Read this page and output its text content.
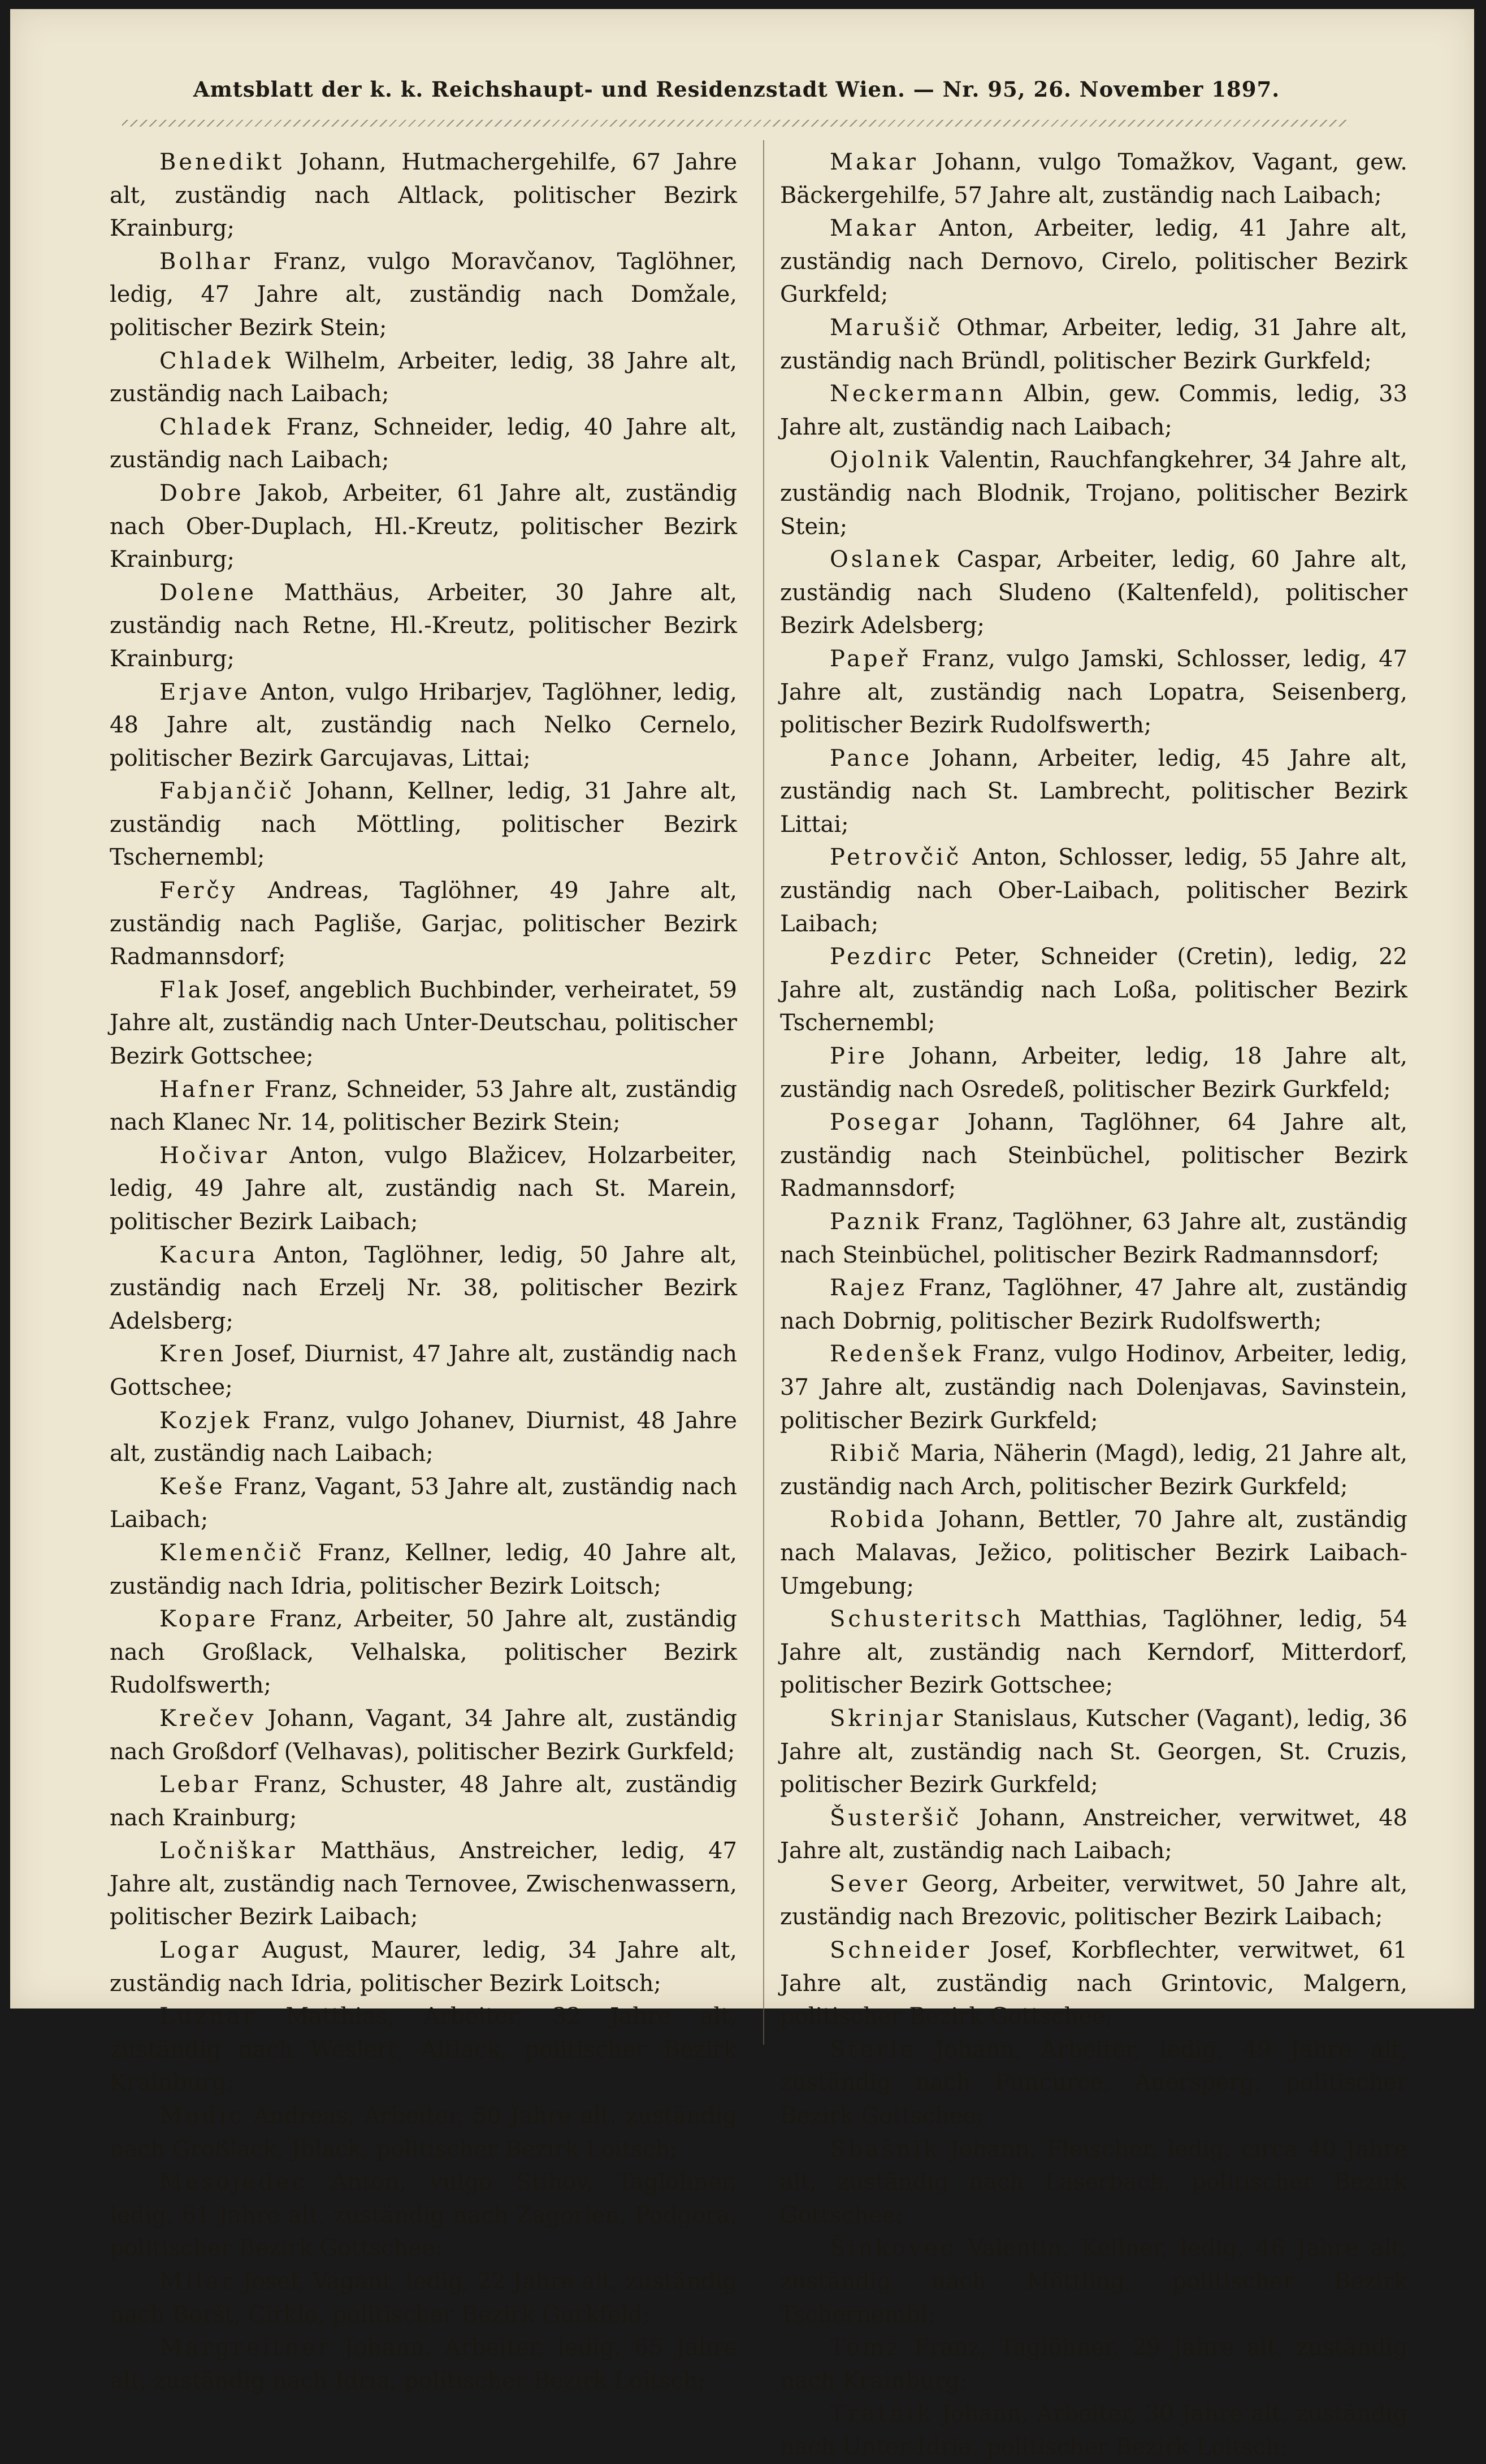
Amtsblatt der k. k. Reichshaupt- und Residenzstadt Wien. — Nr. 95, 26. November 1897.

Benedikt Johann, Hutmachergehilfe, 67 Jahre alt, zuständig nach Altlack, politischer Bezirk Krainburg;

Bolhar Franz, vulgo Moravčanov, Taglöhner, ledig, 47 Jahre alt, zuständig nach Domžale, politischer Bezirk Stein;

Chladek Wilhelm, Arbeiter, ledig, 38 Jahre alt, zuständig nach Laibach;

Chladek Franz, Schneider, ledig, 40 Jahre alt, zuständig nach Laibach;

Dobre Jakob, Arbeiter, 61 Jahre alt, zuständig nach Ober-Duplach, Hl.-Kreutz, politischer Bezirk Krainburg;

Dolene Matthäus, Arbeiter, 30 Jahre alt, zuständig nach Retne, Hl.-Kreutz, politischer Bezirk Krainburg;

Erjave Anton, vulgo Hribarjev, Taglöhner, ledig, 48 Jahre alt, zuständig nach Nelko Cernelo, politischer Bezirk Garcujavas, Littai;

Fabjančič Johann, Kellner, ledig, 31 Jahre alt, zuständig nach Möttling, politischer Bezirk Tschernembl;

Ferčy Andreas, Taglöhner, 49 Jahre alt, zuständig nach Pagliše, Garjac, politischer Bezirk Radmannsdorf;

Flak Josef, angeblich Buchbinder, verheiratet, 59 Jahre alt, zuständig nach Unter-Deutschau, politischer Bezirk Gottschee;

Hafner Franz, Schneider, 53 Jahre alt, zuständig nach Klanec Nr. 14, politischer Bezirk Stein;

Hočivar Anton, vulgo Blažicev, Holzarbeiter, ledig, 49 Jahre alt, zuständig nach St. Marein, politischer Bezirk Laibach;

Kacura Anton, Taglöhner, ledig, 50 Jahre alt, zuständig nach Erzelj Nr. 38, politischer Bezirk Adelsberg;

Kren Josef, Diurnist, 47 Jahre alt, zuständig nach Gottschee;

Kozjek Franz, vulgo Johanev, Diurnist, 48 Jahre alt, zuständig nach Laibach;

Keše Franz, Vagant, 53 Jahre alt, zuständig nach Laibach;

Klemenčič Franz, Kellner, ledig, 40 Jahre alt, zuständig nach Idria, politischer Bezirk Loitsch;

Kopare Franz, Arbeiter, 50 Jahre alt, zuständig nach Großlack, Velhalska, politischer Bezirk Rudolfswerth;

Krečev Johann, Vagant, 34 Jahre alt, zuständig nach Großdorf (Velhavas), politischer Bezirk Gurkfeld;

Lebar Franz, Schuster, 48 Jahre alt, zuständig nach Krainburg;

Ločniškar Matthäus, Anstreicher, ledig, 47 Jahre alt, zuständig nach Ternovee, Zwischenwassern, politischer Bezirk Laibach;

Logar August, Maurer, ledig, 34 Jahre alt, zuständig nach Idria, politischer Bezirk Loitsch;

Luznar Matthias, Arbeiter, 32 Jahre alt, zuständig nach Weslert, Altlack, politischer Bezirk Krainburg;

Modic Andreas, Arbeiter, 50 Jahre alt, zuständig nach Großlack, Jblack, politischer Bezirk Loitsch;

Mesojedec Anton, vulgo Stihov, Taglöhner, ledig, 61 Jahre alt, zuständig nach Zagorien, Podgora, politischer Bezirk Gottschee;

Milar Josef, Vagant, ledig, 22 Jahre alt, zuständig nach Boršt, Cirkle, politischer Bezirk Gurkfeld;

Margreitner Johann, Arbeiter, ledig, 65 Jahre alt, zuständig nach Idria, politischer Bezirk Loitsch;

Makar Johann, vulgo Tomažkov, Vagant, gew. Bäckergehilfe, 57 Jahre alt, zuständig nach Laibach;

Makar Anton, Arbeiter, ledig, 41 Jahre alt, zuständig nach Dernovo, Cirelo, politischer Bezirk Gurkfeld;

Marušič Othmar, Arbeiter, ledig, 31 Jahre alt, zuständig nach Bründl, politischer Bezirk Gurkfeld;

Neckermann Albin, gew. Commis, ledig, 33 Jahre alt, zuständig nach Laibach;

Ojolnik Valentin, Rauchfangkehrer, 34 Jahre alt, zuständig nach Blodnik, Trojano, politischer Bezirk Stein;

Oslanek Caspar, Arbeiter, ledig, 60 Jahre alt, zuständig nach Sludeno (Kaltenfeld), politischer Bezirk Adelsberg;

Papeř Franz, vulgo Jamski, Schlosser, ledig, 47 Jahre alt, zuständig nach Lopatra, Seisenberg, politischer Bezirk Rudolfswerth;

Pance Johann, Arbeiter, ledig, 45 Jahre alt, zuständig nach St. Lambrecht, politischer Bezirk Littai;

Petrovčič Anton, Schlosser, ledig, 55 Jahre alt, zuständig nach Ober-Laibach, politischer Bezirk Laibach;

Pezdirc Peter, Schneider (Cretin), ledig, 22 Jahre alt, zuständig nach Loßa, politischer Bezirk Tschernembl;

Pire Johann, Arbeiter, ledig, 18 Jahre alt, zuständig nach Osredeß, politischer Bezirk Gurkfeld;

Posegar Johann, Taglöhner, 64 Jahre alt, zuständig nach Steinbüchel, politischer Bezirk Radmannsdorf;

Paznik Franz, Taglöhner, 63 Jahre alt, zuständig nach Steinbüchel, politischer Bezirk Radmannsdorf;

Rajez Franz, Taglöhner, 47 Jahre alt, zuständig nach Dobrnig, politischer Bezirk Rudolfswerth;

Redenšek Franz, vulgo Hodinov, Arbeiter, ledig, 37 Jahre alt, zuständig nach Dolenjavas, Savinstein, politischer Bezirk Gurkfeld;

Ribič Maria, Näherin (Magd), ledig, 21 Jahre alt, zuständig nach Arch, politischer Bezirk Gurkfeld;

Robida Johann, Bettler, 70 Jahre alt, zuständig nach Malavas, Ježico, politischer Bezirk Laibach-Umgebung;

Schusteritsch Matthias, Taglöhner, ledig, 54 Jahre alt, zuständig nach Kerndorf, Mitterdorf, politischer Bezirk Gottschee;

Skrinjar Stanislaus, Kutscher (Vagant), ledig, 36 Jahre alt, zuständig nach St. Georgen, St. Cruzis, politischer Bezirk Gurkfeld;

Šusteršič Johann, Anstreicher, verwitwet, 48 Jahre alt, zuständig nach Laibach;

Sever Georg, Arbeiter, verwitwet, 50 Jahre alt, zuständig nach Brezovic, politischer Bezirk Laibach;

Schneider Josef, Korbflechter, verwitwet, 61 Jahre alt, zuständig nach Grintovic, Malgern, politischer Bezirk Gottschee;

Sterle Johann, Arbeiter, ledig, 49 Jahre alt, zuständig nach Puncurce, Auersperg, politischer Bezirk Gottschee;

Sbašnik Johann, Fleischer, ledig, circa 40 Jahre alt, zuständig nach Laserbach, politischer Bezirk Gottschee;

Šinkovec Valentin, Kellner, ledig, 46 Jahre alt, zuständig nach Möttling, politischer Bezirk Tschernembl;

Tomz Franz, Taglöhner, 29 Jahre alt, zuständig nach Krainburg;

Tratnik Johann, Arbeiter, 30 Jahre alt, zuständig nach Unter-Idria, politischer Bezirk Loitsch;
